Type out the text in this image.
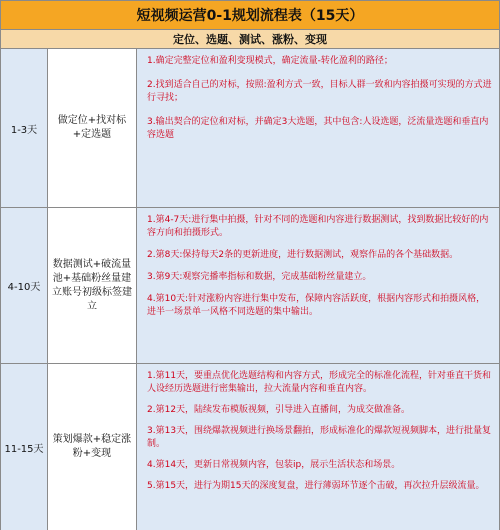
短视频运营0-1规划流程表（15天）
定位、选题、测试、涨粉、变现
1-3天
做定位+找对标+定选题

1.确定完整定位和盈利变现模式，确定流量-转化盈利的路径；

2.找到适合自己的对标，按照:盈利方式一致，目标人群一致和内容拍摄可实现的方式进行寻找；

3.输出契合的定位和对标，并确定3大选题，其中包含:人设选题，泛流量选题和垂直内容选题

4-10天
数据测试+破流量池+基础粉丝量建立账号初级标签建立

1.第4-7天:进行集中拍摄，针对不同的选题和内容进行数据测试，找到数据比较好的内容方向和拍摄形式。

2.第8天:保持每天2条的更新进度，进行数据测试，观察作品的各个基础数据。

3.第9天:观察完播率指标和数据，完成基础粉丝量建立。

4.第10天:针对涨粉内容进行集中发布，保障内容活跃度，根据内容形式和拍摄风格，进半一场景单一风格不同选题的集中输出。

11-15天
策划爆款+稳定涨粉+变现

1.第11天，要重点优化选题结构和内容方式，形成完全的标准化流程，针对垂直干货和人设经历选题进行密集输出，拉大流量内容和垂直内容。

2.第12天，陆续发布模版视频，引导进入直播间，为成交做准备。

3.第13天，围绕爆款视频进行换场景翻拍，形成标准化的爆款短视频脚本，进行批量复制。

4.第14天，更新日常视频内容，包装ip，展示生活状态和场景。

5.第15天，进行为期15天的深度复盘，进行薄弱环节逐个击破，再次拉升层级流量。
